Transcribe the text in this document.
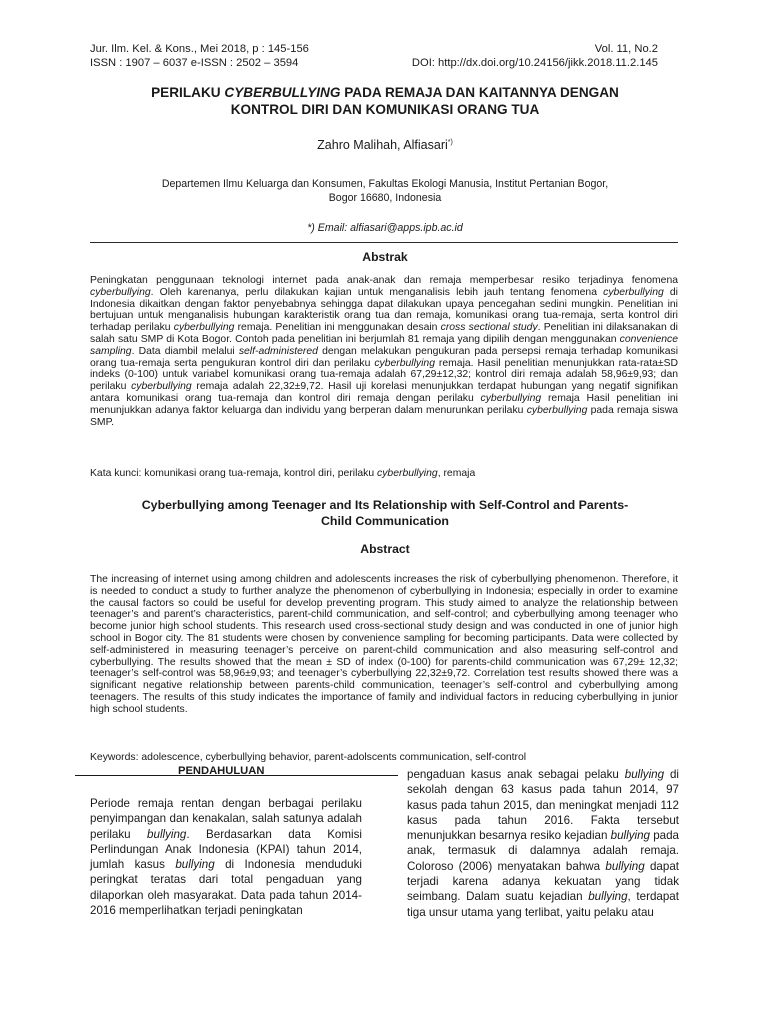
Jur. Ilm. Kel. & Kons., Mei 2018, p : 145-156	Vol. 11, No.2
ISSN : 1907 – 6037 e-ISSN : 2502 – 3594	DOI: http://dx.doi.org/10.24156/jikk.2018.11.2.145
PERILAKU CYBERBULLYING PADA REMAJA DAN KAITANNYA DENGAN
KONTROL DIRI DAN KOMUNIKASI ORANG TUA
Zahro Malihah, Alfiasari*)
Departemen Ilmu Keluarga dan Konsumen, Fakultas Ekologi Manusia, Institut Pertanian Bogor,
Bogor 16680, Indonesia
*) Email: alfiasari@apps.ipb.ac.id
Abstrak
Peningkatan penggunaan teknologi internet pada anak-anak dan remaja memperbesar resiko terjadinya fenomena cyberbullying. Oleh karenanya, perlu dilakukan kajian untuk menganalisis lebih jauh tentang fenomena cyberbullying di Indonesia dikaitkan dengan faktor penyebabnya sehingga dapat dilakukan upaya pencegahan sedini mungkin. Penelitian ini bertujuan untuk menganalisis hubungan karakteristik orang tua dan remaja, komunikasi orang tua-remaja, serta kontrol diri terhadap perilaku cyberbullying remaja. Penelitian ini menggunakan desain cross sectional study. Penelitian ini dilaksanakan di salah satu SMP di Kota Bogor. Contoh pada penelitian ini berjumlah 81 remaja yang dipilih dengan menggunakan convenience sampling. Data diambil melalui self-administered dengan melakukan pengukuran pada persepsi remaja terhadap komunikasi orang tua-remaja serta pengukuran kontrol diri dan perilaku cyberbullying remaja. Hasil penelitian menunjukkan rata-rata±SD indeks (0-100) untuk variabel komunikasi orang tua-remaja adalah 67,29±12,32; kontrol diri remaja adalah 58,96±9,93; dan perilaku cyberbullying remaja adalah 22,32±9,72. Hasil uji korelasi menunjukkan terdapat hubungan yang negatif signifikan antara komunikasi orang tua-remaja dan kontrol diri remaja dengan perilaku cyberbullying remaja Hasil penelitian ini menunjukkan adanya faktor keluarga dan individu yang berperan dalam menurunkan perilaku cyberbullying pada remaja siswa SMP.
Kata kunci: komunikasi orang tua-remaja, kontrol diri, perilaku cyberbullying, remaja
Cyberbullying among Teenager and Its Relationship with Self-Control and Parents-
Child Communication
Abstract
The increasing of internet using among children and adolescents increases the risk of cyberbullying phenomenon. Therefore, it is needed to conduct a study to further analyze the phenomenon of cyberbullying in Indonesia; especially in order to examine the causal factors so could be useful for develop preventing program. This study aimed to analyze the relationship between teenager’s and parent’s characteristics, parent-child communication, and self-control; and cyberbullying among teenager who become junior high school students. This research used cross-sectional study design and was conducted in one of junior high school in Bogor city. The 81 students were chosen by convenience sampling for becoming participants. Data were collected by self-administered in measuring teenager’s perceive on parent-child communication and also measuring self-control and cyberbullying. The results showed that the mean ± SD of index (0-100) for parents-child communication was 67,29± 12,32; teenager’s self-control was 58,96±9,93; and teenager’s cyberbullying 22,32±9,72. Correlation test results showed there was a significant negative relationship between parents-child communication, teenager’s self-control and cyberbullying among teenagers. The results of this study indicates the importance of family and individual factors in reducing cyberbullying in junior high school students.
Keywords: adolescence, cyberbullying behavior, parent-adolscents communication, self-control
PENDAHULUAN
Periode remaja rentan dengan berbagai perilaku penyimpangan dan kenakalan, salah satunya adalah perilaku bullying. Berdasarkan data Komisi Perlindungan Anak Indonesia (KPAI) tahun 2014, jumlah kasus bullying di Indonesia menduduki peringkat teratas dari total pengaduan yang dilaporkan oleh masyarakat. Data pada tahun 2014-2016 memperlihatkan terjadi peningkatan
pengaduan kasus anak sebagai pelaku bullying di sekolah dengan 63 kasus pada tahun 2014, 97 kasus pada tahun 2015, dan meningkat menjadi 112 kasus pada tahun 2016. Fakta tersebut menunjukkan besarnya resiko kejadian bullying pada anak, termasuk di dalamnya adalah remaja. Coloroso (2006) menyatakan bahwa bullying dapat terjadi karena adanya kekuatan yang tidak seimbang. Dalam suatu kejadian bullying, terdapat tiga unsur utama yang terlibat, yaitu pelaku atau
